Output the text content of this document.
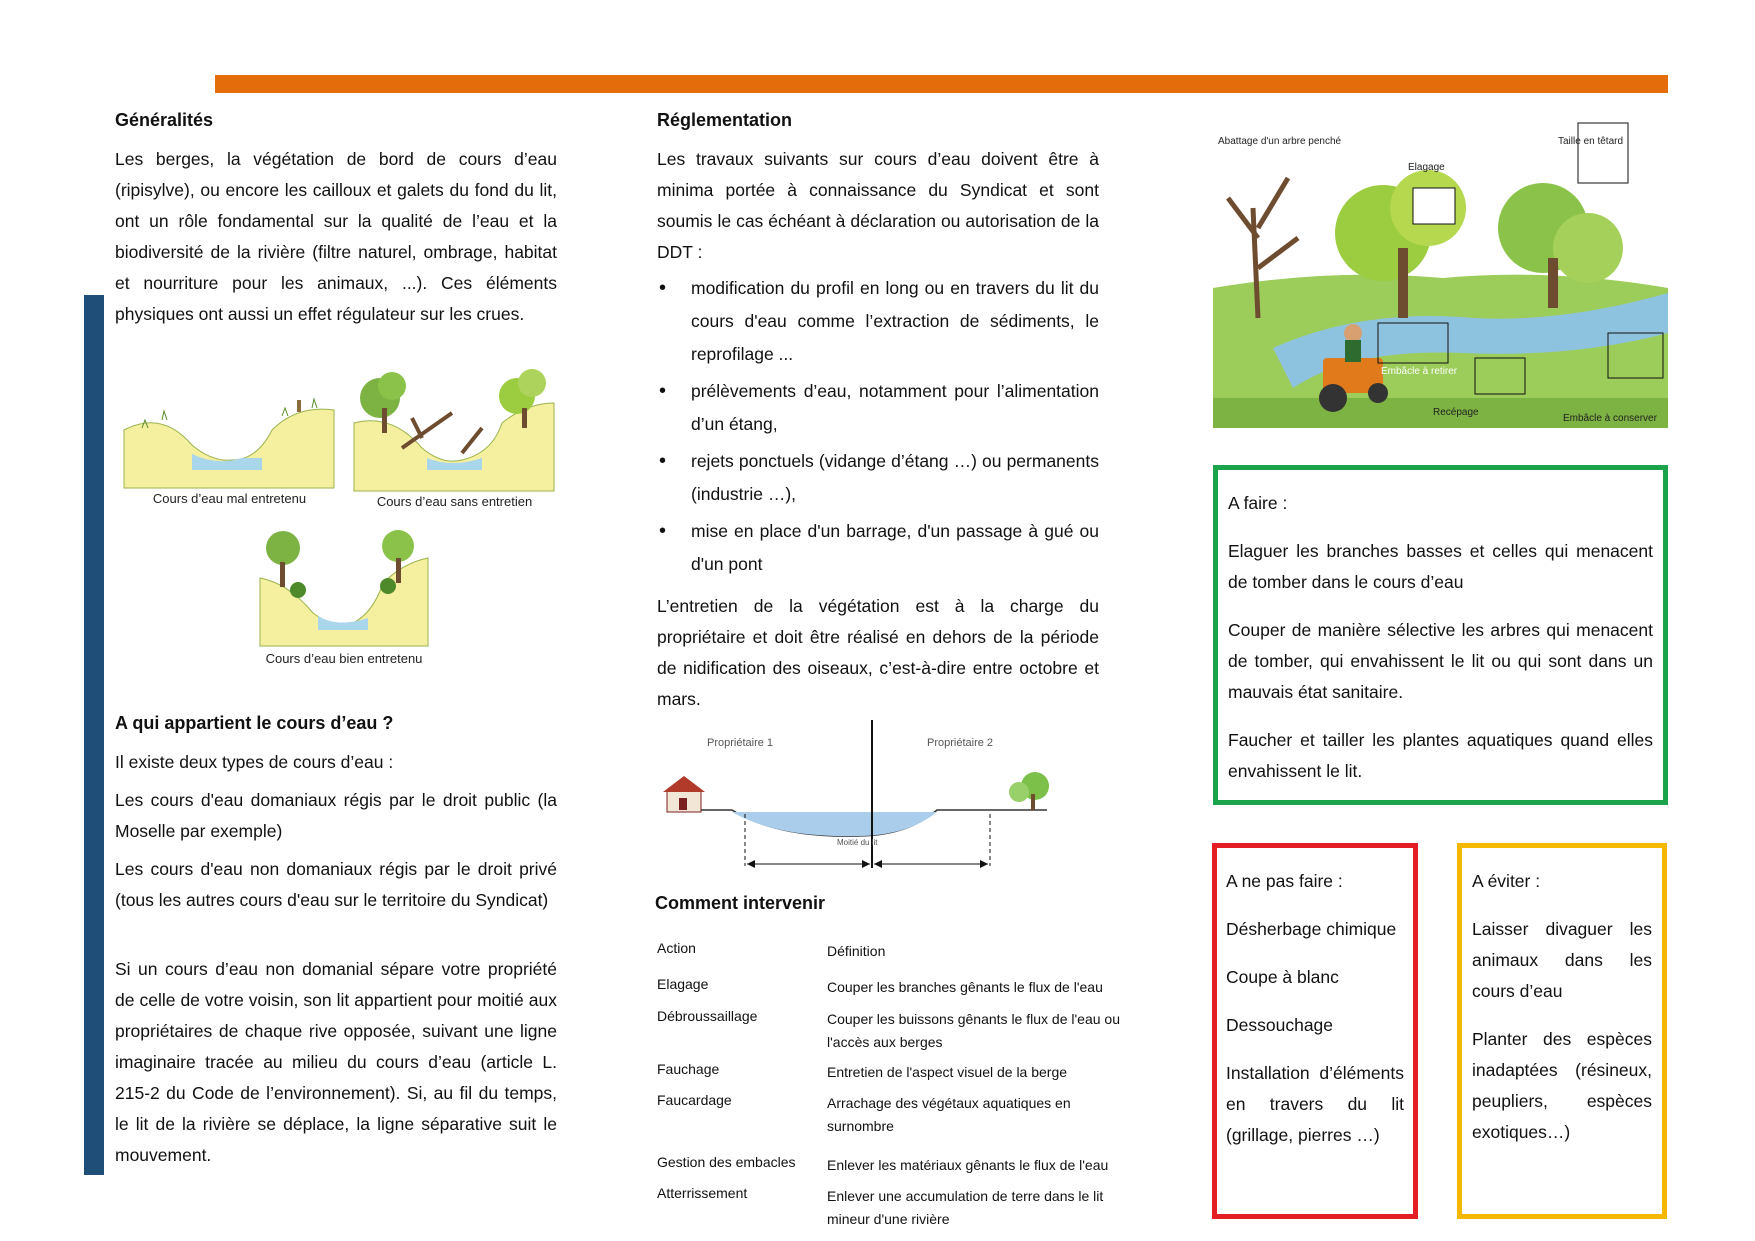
Généralités

Les berges, la végétation de bord de cours d’eau (ripisylve), ou encore les cailloux et galets du fond du lit, ont un rôle fondamental sur la qualité de l’eau et la biodiversité de la rivière (filtre naturel, ombrage, habitat et nourriture pour les animaux, ...). Ces éléments physiques ont aussi un effet régulateur sur les crues.

Cours d’eau mal entretenu	Cours d’eau sans entretien
Cours d’eau bien entretenu
A qui appartient le cours d’eau ?

Il existe deux types de cours d’eau :

Les cours d'eau domaniaux régis par le droit public (la Moselle par exemple)

Les cours d'eau non domaniaux régis par le droit privé (tous les autres cours d'eau sur le territoire du Syndicat)

Si un cours d’eau non domanial sépare votre propriété de celle de votre voisin, son lit appartient pour moitié aux propriétaires de chaque rive opposée, suivant une ligne imaginaire tracée au milieu du cours d’eau (article L. 215-2 du Code de l’environnement). Si, au fil du temps, le lit de la rivière se déplace, la ligne séparative suit le mouvement.

Réglementation

Les travaux suivants sur cours d’eau doivent être à minima portée à connaissance du Syndicat et sont soumis le cas échéant à déclaration ou autorisation de la DDT :

• modification du profil en long ou en travers du lit du cours d'eau comme l’extraction de sédiments, le reprofilage ...
• prélèvements d’eau, notamment pour l’alimentation d’un étang,
• rejets ponctuels (vidange d’étang …) ou permanents (industrie …),
• mise en place d'un barrage, d'un passage à gué ou d'un pont

L’entretien de la végétation est à la charge du propriétaire et doit être réalisé en dehors de la période de nidification des oiseaux, c’est-à-dire entre octobre et mars.

Propriétaire 1	Propriétaire 2
Moitié du lit
Comment intervenir
Action	Définition
Elagage	Couper les branches gênants le flux de l'eau
Débroussaillage	Couper les buissons gênants le flux de l'eau ou l'accès aux berges
Fauchage	Entretien de l'aspect visuel de la berge
Faucardage	Arrachage des végétaux aquatiques en surnombre
Gestion des embacles	Enlever les matériaux gênants le flux de l'eau
Atterrissement	Enlever une accumulation de terre dans le lit mineur d'une rivière
Abattage d'un arbre penché
Elagage
Taille en têtard
Embâcle à retirer
Recépage
Embâcle à conserver
A faire :

Elaguer les branches basses et celles qui menacent de tomber dans le cours d’eau

Couper de manière sélective les arbres qui menacent de tomber, qui envahissent le lit ou qui sont dans un mauvais état sanitaire.

Faucher et tailler les plantes aquatiques quand elles envahissent le lit.

A ne pas faire :

Désherbage chimique

Coupe à blanc

Dessouchage

Installation d’éléments en travers du lit (grillage, pierres …)

A éviter :

Laisser divaguer les animaux dans les cours d’eau

Planter des espèces inadaptées (résineux, peupliers, espèces exotiques…)
